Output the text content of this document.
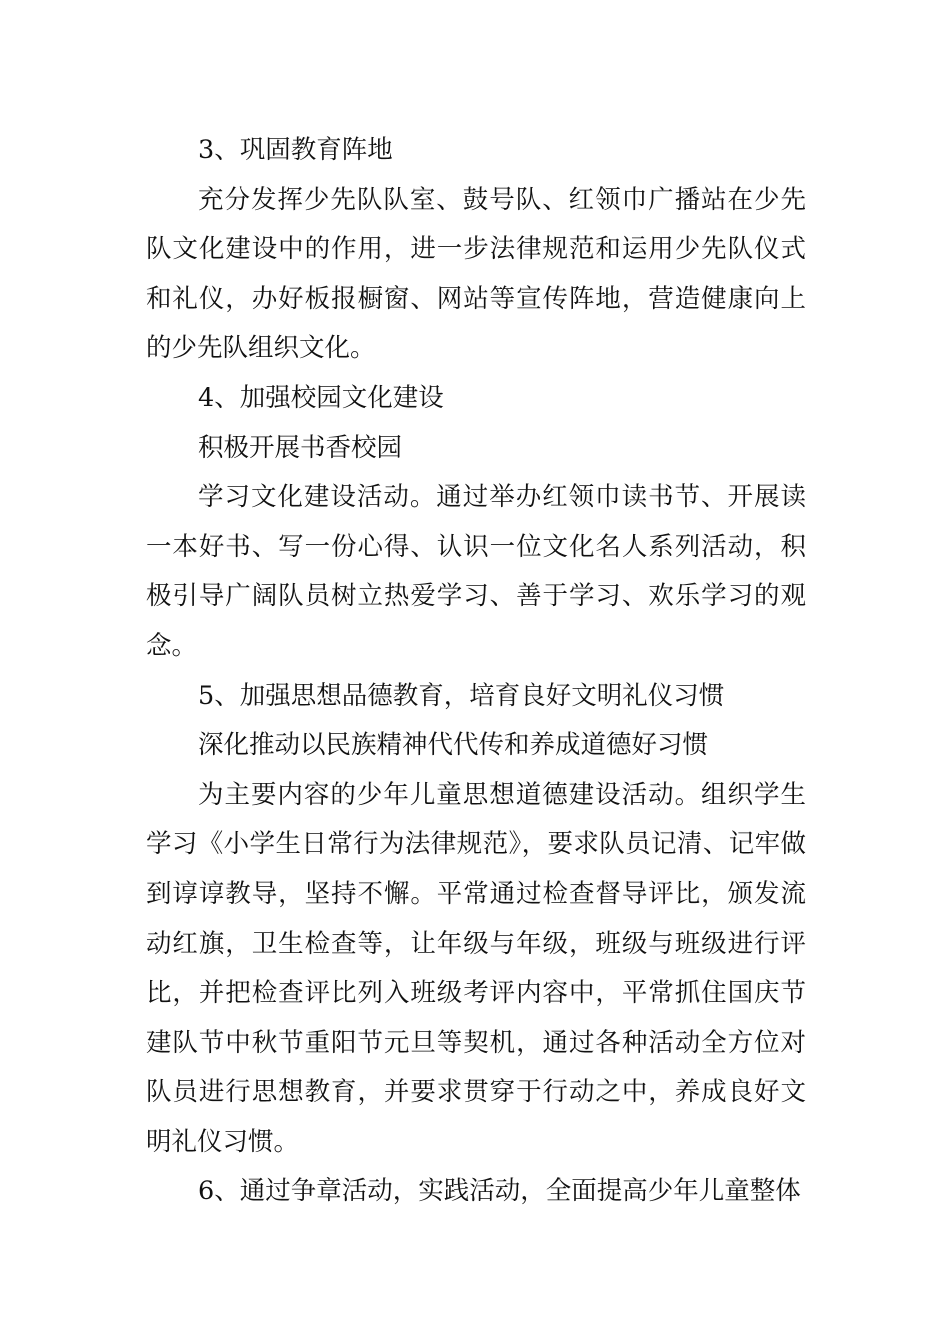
3、巩固教育阵地

充分发挥少先队队室、鼓号队、红领巾广播站在少先队文化建设中的作用，进一步法律规范和运用少先队仪式和礼仪，办好板报橱窗、网站等宣传阵地，营造健康向上的少先队组织文化。

4、加强校园文化建设

积极开展书香校园

学习文化建设活动。通过举办红领巾读书节、开展读一本好书、写一份心得、认识一位文化名人系列活动，积极引导广阔队员树立热爱学习、善于学习、欢乐学习的观念。

5、加强思想品德教育，培育良好文明礼仪习惯

深化推动以民族精神代代传和养成道德好习惯

为主要内容的少年儿童思想道德建设活动。组织学生学习《小学生日常行为法律规范》，要求队员记清、记牢做到谆谆教导，坚持不懈。平常通过检查督导评比，颁发流动红旗，卫生检查等，让年级与年级，班级与班级进行评比，并把检查评比列入班级考评内容中，平常抓住国庆节建队节中秋节重阳节元旦等契机，通过各种活动全方位对队员进行思想教育，并要求贯穿于行动之中，养成良好文明礼仪习惯。

6、通过争章活动，实践活动，全面提高少年儿童整体
